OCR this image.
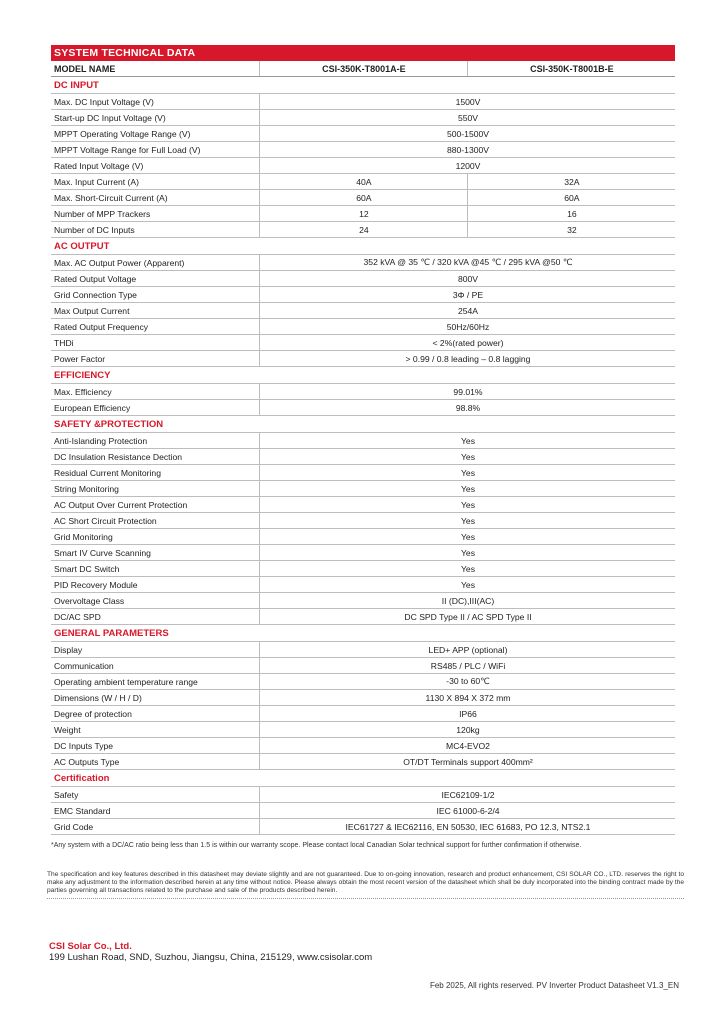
SYSTEM TECHNICAL DATA
MODEL NAME	CSI-350K-T8001A-E	CSI-350K-T8001B-E
DC INPUT		
Max. DC Input Voltage (V)	1500V	
Start-up DC Input Voltage (V)	550V	
MPPT Operating Voltage Range (V)	500-1500V	
MPPT Voltage Range for Full Load (V)	880-1300V	
Rated Input Voltage (V)	1200V	
Max. Input Current (A)	40A	32A
Max. Short-Circuit Current (A)	60A	60A
Number of MPP Trackers	12	16
Number of DC Inputs	24	32
AC OUTPUT		
Max. AC Output Power (Apparent)	352 kVA @ 35 ℃ / 320 kVA @45 ℃ / 295 kVA @50 ℃	
Rated Output Voltage	800V	
Grid Connection Type	3Φ / PE	
Max Output Current	254A	
Rated Output Frequency	50Hz/60Hz	
THDi	< 2%(rated power)	
Power Factor	> 0.99 / 0.8 leading – 0.8 lagging	
EFFICIENCY		
Max. Efficiency	99.01%	
European Efficiency	98.8%	
SAFETY &PROTECTION		
Anti-Islanding Protection	Yes	
DC Insulation Resistance Dection	Yes	
Residual Current Monitoring	Yes	
String Monitoring	Yes	
AC Output Over Current Protection	Yes	
AC Short Circuit Protection	Yes	
Grid Monitoring	Yes	
Smart IV Curve Scanning	Yes	
Smart DC Switch	Yes	
PID Recovery Module	Yes	
Overvoltage Class	II (DC),III(AC)	
DC/AC SPD	DC SPD Type II / AC SPD Type II	
GENERAL PARAMETERS		
Display	LED+ APP (optional)	
Communication	RS485 / PLC / WiFi	
Operating ambient temperature range	-30 to 60℃	
Dimensions (W / H / D)	1130 X 894 X 372 mm	
Degree of protection	IP66	
Weight	120kg	
DC Inputs Type	MC4-EVO2	
AC Outputs Type	OT/DT Terminals support 400mm²	
Certification		
Safety	IEC62109-1/2	
EMC Standard	IEC 61000-6-2/4	
Grid Code	IEC61727 & IEC62116, EN 50530, IEC 61683, PO 12.3, NTS2.1	
*Any system with a DC/AC ratio being less than 1.5 is within our warranty scope. Please contact local Canadian Solar technical support for further confirmation if otherwise.
The specification and key features described in this datasheet may deviate slightly and are not guaranteed. Due to on-going innovation, research and product enhancement, CSI SOLAR CO., LTD. reserves the right to make any adjustment to the information described herein at any time without notice. Please always obtain the most recent version of the datasheet which shall be duly incorporated into the binding contract made by the parties governing all transactions related to the purchase and sale of the products described herein.
CSI Solar Co., Ltd.
199 Lushan Road, SND, Suzhou, Jiangsu, China, 215129, www.csisolar.com
Feb 2025, All rights reserved. PV Inverter Product Datasheet V1.3_EN
